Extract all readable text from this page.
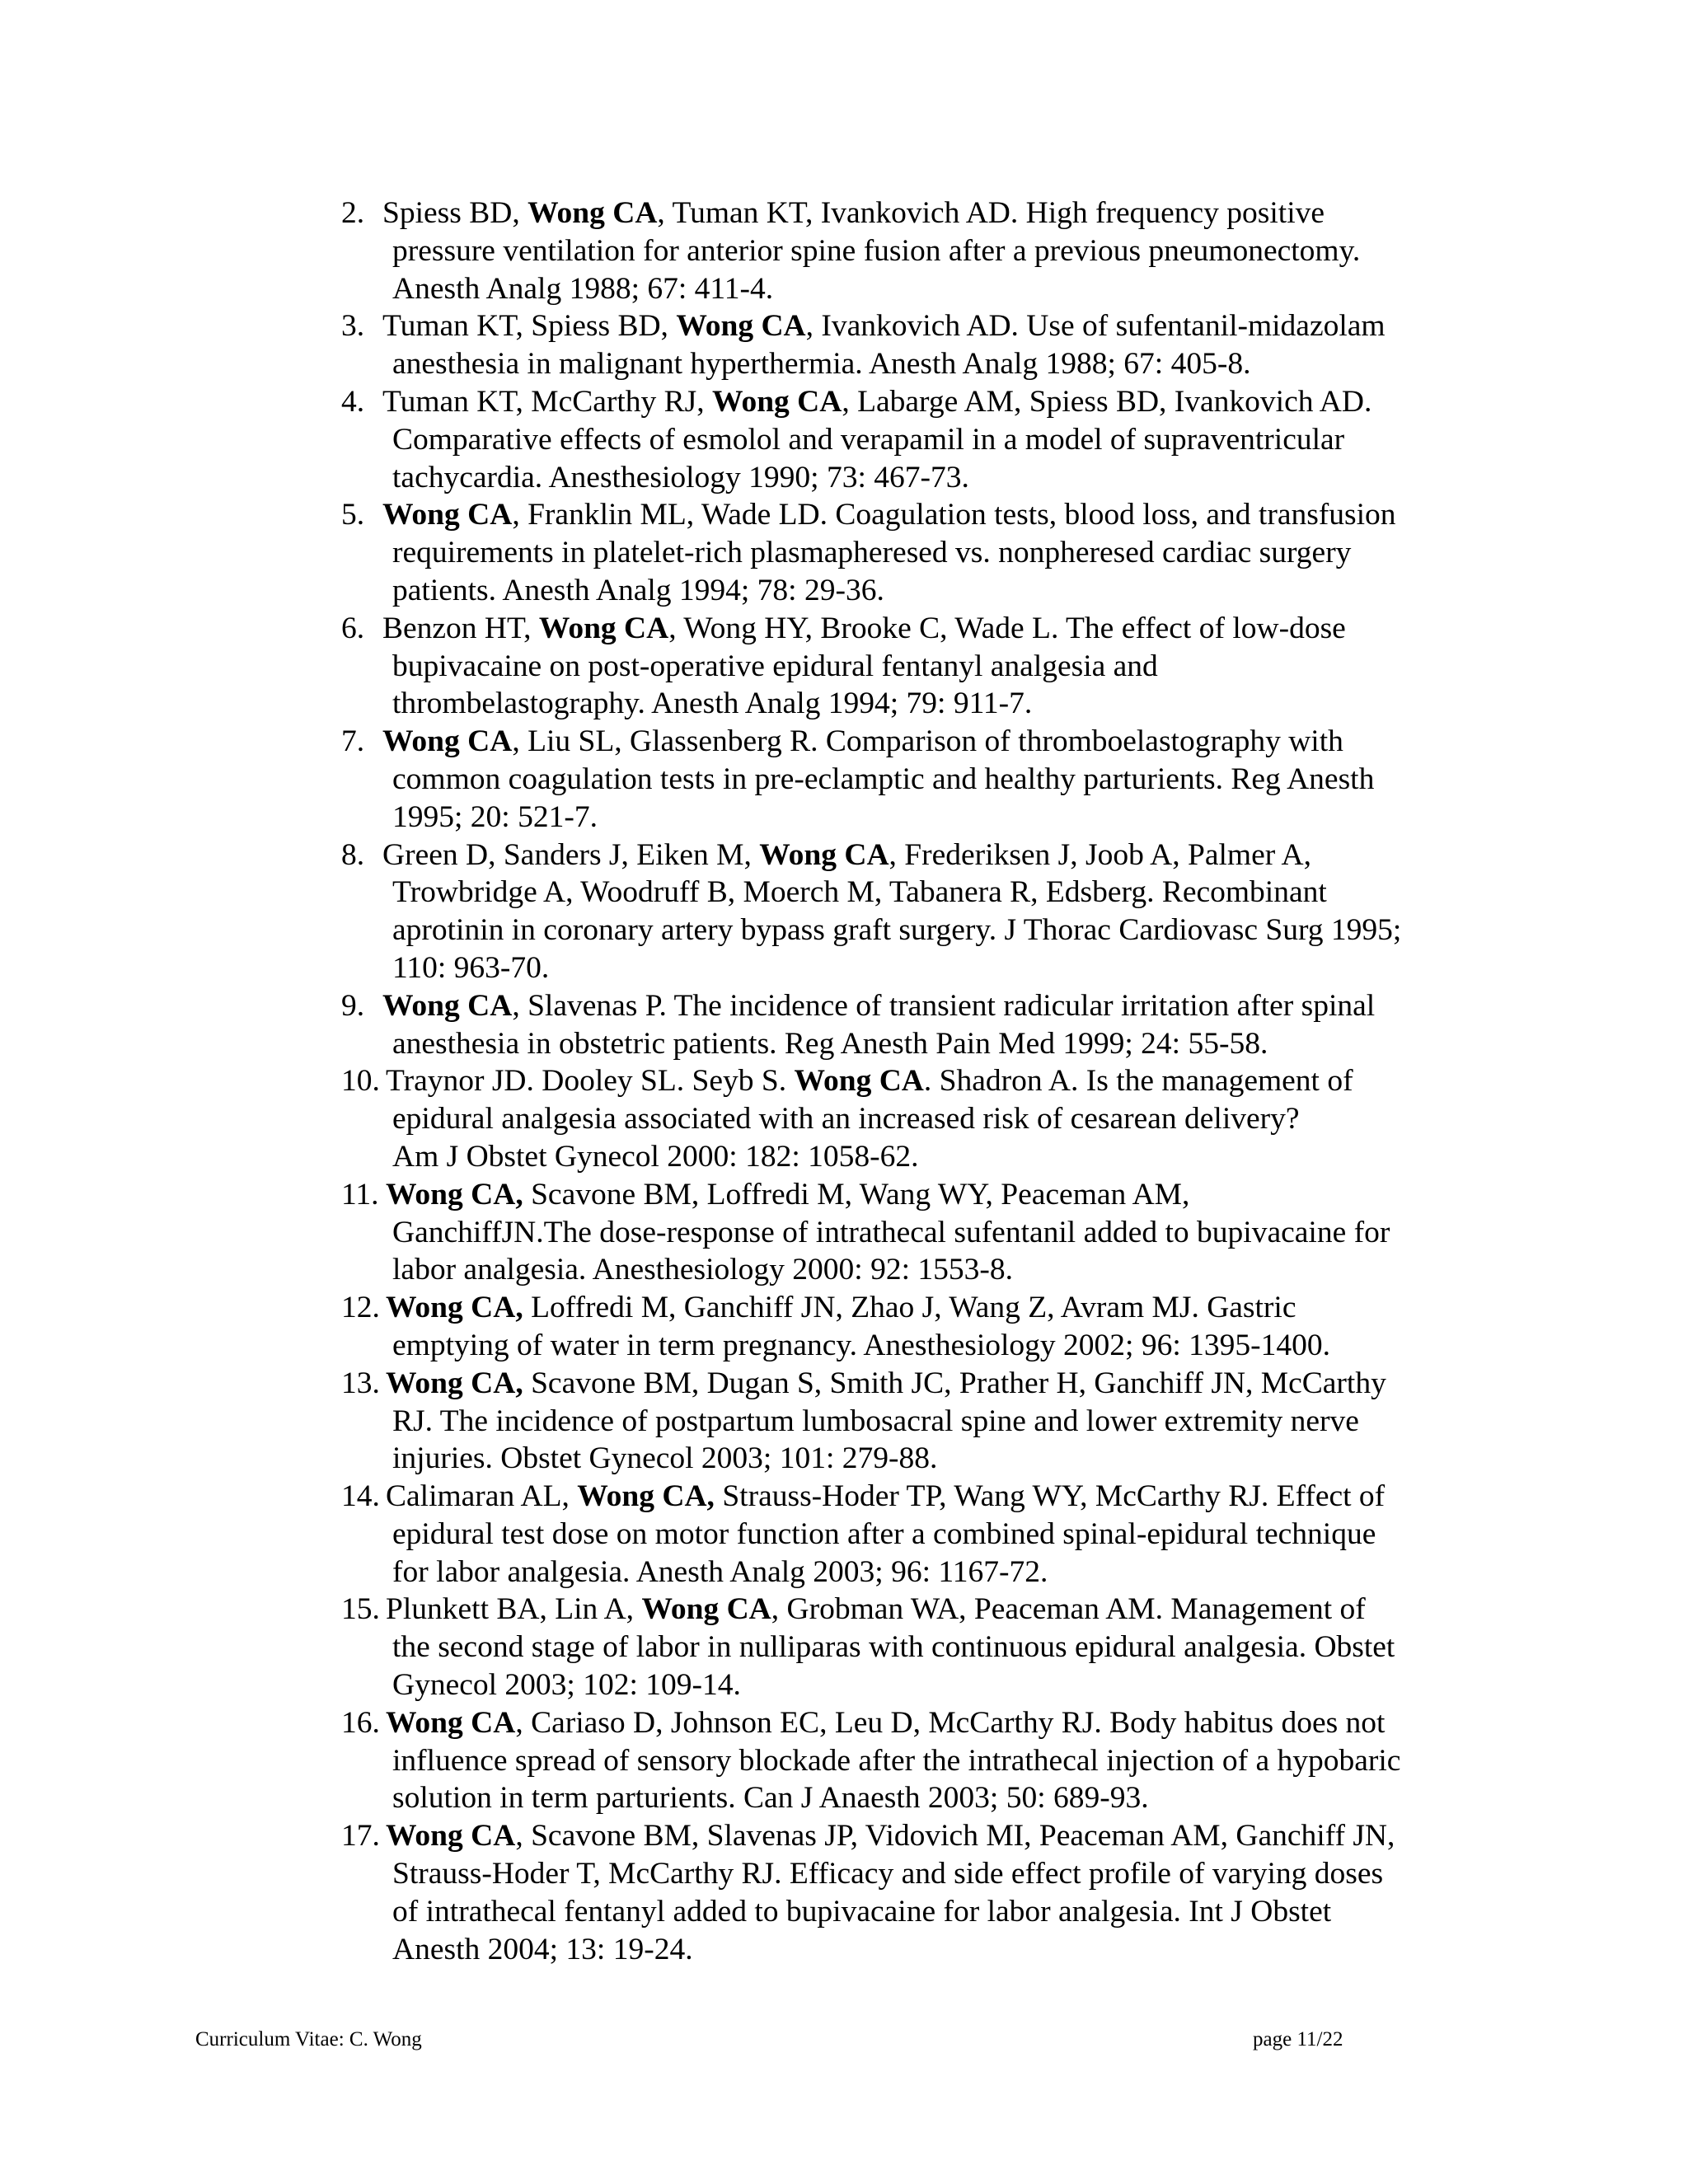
2. Spiess BD, Wong CA, Tuman KT, Ivankovich AD. High frequency positive
pressure ventilation for anterior spine fusion after a previous pneumonectomy.
Anesth Analg 1988; 67: 411-4.
3. Tuman KT, Spiess BD, Wong CA, Ivankovich AD. Use of sufentanil-midazolam
anesthesia in malignant hyperthermia. Anesth Analg 1988; 67: 405-8.
4. Tuman KT, McCarthy RJ, Wong CA, Labarge AM, Spiess BD, Ivankovich AD.
Comparative effects of esmolol and verapamil in a model of supraventricular
tachycardia. Anesthesiology 1990; 73: 467-73.
5. Wong CA, Franklin ML, Wade LD. Coagulation tests, blood loss, and transfusion
requirements in platelet-rich plasmapheresed vs. nonpheresed cardiac surgery
patients. Anesth Analg 1994; 78: 29-36.
6. Benzon HT, Wong CA, Wong HY, Brooke C, Wade L. The effect of low-dose
bupivacaine on post-operative epidural fentanyl analgesia and
thrombelastography. Anesth Analg 1994; 79: 911-7.
7. Wong CA, Liu SL, Glassenberg R. Comparison of thromboelastography with
common coagulation tests in pre-eclamptic and healthy parturients. Reg Anesth
1995; 20: 521-7.
8. Green D, Sanders J, Eiken M, Wong CA, Frederiksen J, Joob A, Palmer A,
Trowbridge A, Woodruff B, Moerch M, Tabanera R, Edsberg. Recombinant
aprotinin in coronary artery bypass graft surgery. J Thorac Cardiovasc Surg 1995;
110: 963-70.
9. Wong CA, Slavenas P. The incidence of transient radicular irritation after spinal
anesthesia in obstetric patients. Reg Anesth Pain Med 1999; 24: 55-58.
10. Traynor JD. Dooley SL. Seyb S. Wong CA. Shadron A. Is the management of
epidural analgesia associated with an increased risk of cesarean delivery?
Am J Obstet Gynecol 2000: 182: 1058-62.
11. Wong CA, Scavone BM, Loffredi M, Wang WY, Peaceman AM,
GanchiffJN.The dose-response of intrathecal sufentanil added to bupivacaine for
labor analgesia. Anesthesiology 2000: 92: 1553-8.
12. Wong CA, Loffredi M, Ganchiff JN, Zhao J, Wang Z, Avram MJ. Gastric
emptying of water in term pregnancy. Anesthesiology 2002; 96: 1395-1400.
13. Wong CA, Scavone BM, Dugan S, Smith JC, Prather H, Ganchiff JN, McCarthy
RJ. The incidence of postpartum lumbosacral spine and lower extremity nerve
injuries. Obstet Gynecol 2003; 101: 279-88.
14. Calimaran AL, Wong CA, Strauss-Hoder TP, Wang WY, McCarthy RJ. Effect of
epidural test dose on motor function after a combined spinal-epidural technique
for labor analgesia. Anesth Analg 2003; 96: 1167-72.
15. Plunkett BA, Lin A, Wong CA, Grobman WA, Peaceman AM. Management of
the second stage of labor in nulliparas with continuous epidural analgesia. Obstet
Gynecol 2003; 102: 109-14.
16. Wong CA, Cariaso D, Johnson EC, Leu D, McCarthy RJ. Body habitus does not
influence spread of sensory blockade after the intrathecal injection of a hypobaric
solution in term parturients. Can J Anaesth 2003; 50: 689-93.
17. Wong CA, Scavone BM, Slavenas JP, Vidovich MI, Peaceman AM, Ganchiff JN,
Strauss-Hoder T, McCarthy RJ. Efficacy and side effect profile of varying doses
of intrathecal fentanyl added to bupivacaine for labor analgesia. Int J Obstet
Anesth 2004; 13: 19-24.
Curriculum Vitae: C. Wong	page 11/22
